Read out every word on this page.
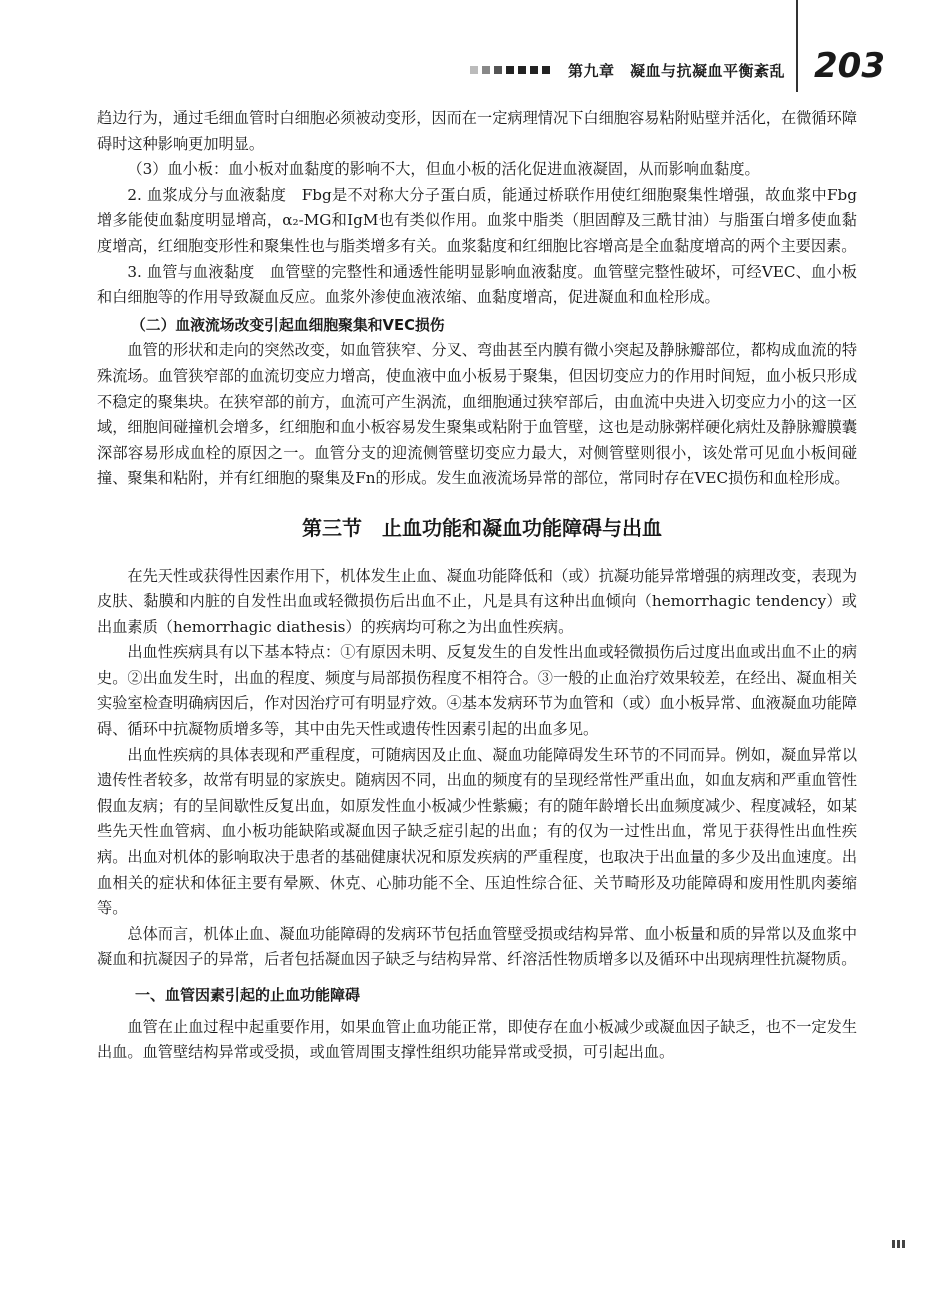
第九章　凝血与抗凝血平衡紊乱 203

趋边行为，通过毛细血管时白细胞必须被动变形，因而在一定病理情况下白细胞容易粘附贴壁并活化，在微循环障碍时这种影响更加明显。

（3）血小板：血小板对血黏度的影响不大，但血小板的活化促进血液凝固，从而影响血黏度。

2. 血浆成分与血液黏度　Fbg是不对称大分子蛋白质，能通过桥联作用使红细胞聚集性增强，故血浆中Fbg增多能使血黏度明显增高，α₂-MG和IgM也有类似作用。血浆中脂类（胆固醇及三酰甘油）与脂蛋白增多使血黏度增高，红细胞变形性和聚集性也与脂类增多有关。血浆黏度和红细胞比容增高是全血黏度增高的两个主要因素。

3. 血管与血液黏度　血管壁的完整性和通透性能明显影响血液黏度。血管壁完整性破坏，可经VEC、血小板和白细胞等的作用导致凝血反应。血浆外渗使血液浓缩、血黏度增高，促进凝血和血栓形成。

（二）血液流场改变引起血细胞聚集和VEC损伤

血管的形状和走向的突然改变，如血管狭窄、分叉、弯曲甚至内膜有微小突起及静脉瓣部位，都构成血流的特殊流场。血管狭窄部的血流切变应力增高，使血液中血小板易于聚集，但因切变应力的作用时间短，血小板只形成不稳定的聚集块。在狭窄部的前方，血流可产生涡流，血细胞通过狭窄部后，由血流中央进入切变应力小的这一区域，细胞间碰撞机会增多，红细胞和血小板容易发生聚集或粘附于血管壁，这也是动脉粥样硬化病灶及静脉瓣膜囊深部容易形成血栓的原因之一。血管分支的迎流侧管壁切变应力最大，对侧管壁则很小，该处常可见血小板间碰撞、聚集和粘附，并有红细胞的聚集及Fn的形成。发生血液流场异常的部位，常同时存在VEC损伤和血栓形成。

第三节　止血功能和凝血功能障碍与出血

在先天性或获得性因素作用下，机体发生止血、凝血功能降低和（或）抗凝功能异常增强的病理改变，表现为皮肤、黏膜和内脏的自发性出血或轻微损伤后出血不止，凡是具有这种出血倾向（hemorrhagic tendency）或出血素质（hemorrhagic diathesis）的疾病均可称之为出血性疾病。

出血性疾病具有以下基本特点：①有原因未明、反复发生的自发性出血或轻微损伤后过度出血或出血不止的病史。②出血发生时，出血的程度、频度与局部损伤程度不相符合。③一般的止血治疗效果较差，在经出、凝血相关实验室检查明确病因后，作对因治疗可有明显疗效。④基本发病环节为血管和（或）血小板异常、血液凝血功能障碍、循环中抗凝物质增多等，其中由先天性或遗传性因素引起的出血多见。

出血性疾病的具体表现和严重程度，可随病因及止血、凝血功能障碍发生环节的不同而异。例如，凝血异常以遗传性者较多，故常有明显的家族史。随病因不同，出血的频度有的呈现经常性严重出血，如血友病和严重血管性假血友病；有的呈间歇性反复出血，如原发性血小板减少性紫癜；有的随年龄增长出血频度减少、程度减轻，如某些先天性血管病、血小板功能缺陷或凝血因子缺乏症引起的出血；有的仅为一过性出血，常见于获得性出血性疾病。出血对机体的影响取决于患者的基础健康状况和原发疾病的严重程度，也取决于出血量的多少及出血速度。出血相关的症状和体征主要有晕厥、休克、心肺功能不全、压迫性综合征、关节畸形及功能障碍和废用性肌肉萎缩等。

总体而言，机体止血、凝血功能障碍的发病环节包括血管壁受损或结构异常、血小板量和质的异常以及血浆中凝血和抗凝因子的异常，后者包括凝血因子缺乏与结构异常、纤溶活性物质增多以及循环中出现病理性抗凝物质。

一、血管因素引起的止血功能障碍

血管在止血过程中起重要作用，如果血管止血功能正常，即使存在血小板减少或凝血因子缺乏，也不一定发生出血。血管壁结构异常或受损，或血管周围支撑性组织功能异常或受损，可引起出血。
